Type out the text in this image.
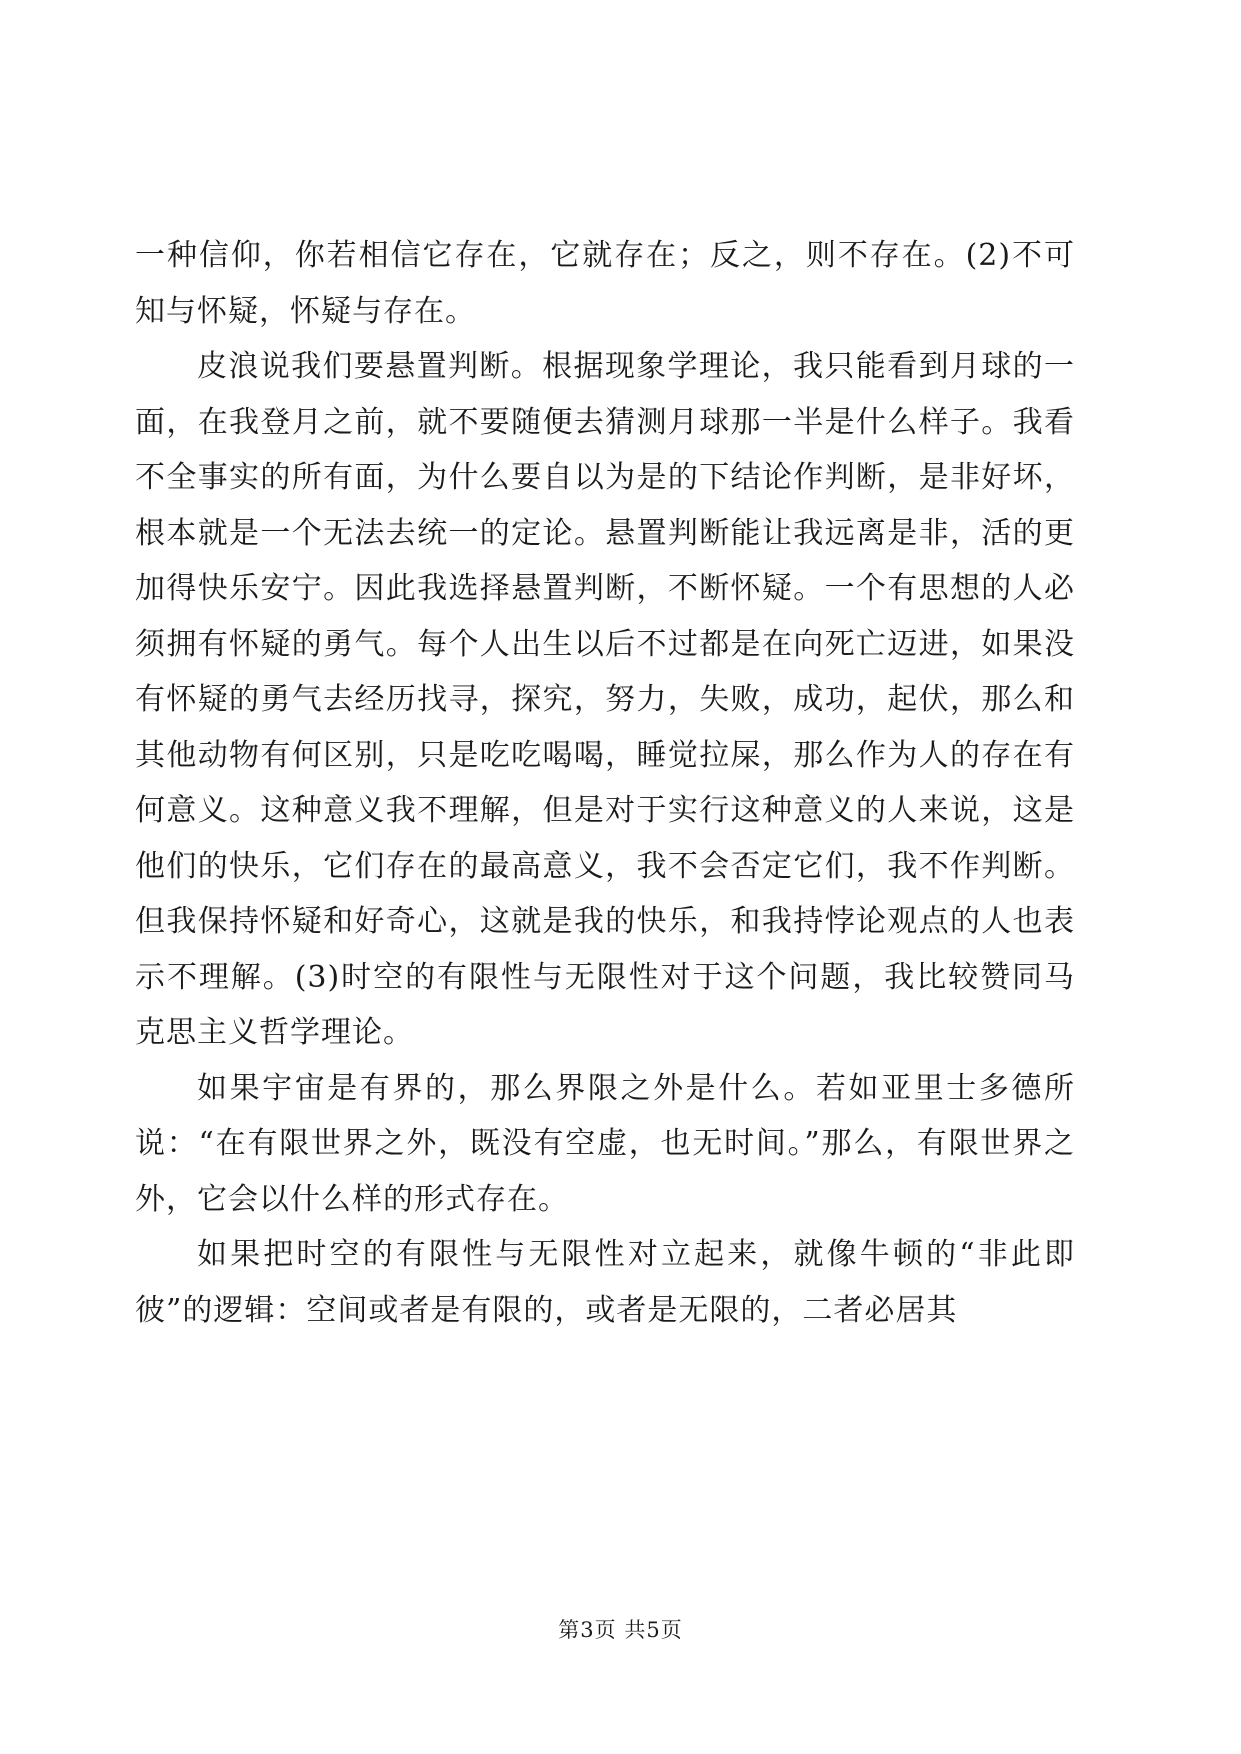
一种信仰，你若相信它存在，它就存在；反之，则不存在。(2)不可知与怀疑，怀疑与存在。

皮浪说我们要悬置判断。根据现象学理论，我只能看到月球的一面，在我登月之前，就不要随便去猜测月球那一半是什么样子。我看不全事实的所有面，为什么要自以为是的下结论作判断，是非好坏，根本就是一个无法去统一的定论。悬置判断能让我远离是非，活的更加得快乐安宁。因此我选择悬置判断，不断怀疑。一个有思想的人必须拥有怀疑的勇气。每个人出生以后不过都是在向死亡迈进，如果没有怀疑的勇气去经历找寻，探究，努力，失败，成功，起伏，那么和其他动物有何区别，只是吃吃喝喝，睡觉拉屎，那么作为人的存在有何意义。这种意义我不理解，但是对于实行这种意义的人来说，这是他们的快乐，它们存在的最高意义，我不会否定它们，我不作判断。但我保持怀疑和好奇心，这就是我的快乐，和我持悖论观点的人也表示不理解。(3)时空的有限性与无限性对于这个问题，我比较赞同马克思主义哲学理论。

如果宇宙是有界的，那么界限之外是什么。若如亚里士多德所说：“在有限世界之外，既没有空虚，也无时间。”那么，有限世界之外，它会以什么样的形式存在。

如果把时空的有限性与无限性对立起来，就像牛顿的“非此即彼”的逻辑：空间或者是有限的，或者是无限的，二者必居其

第3页 共5页
